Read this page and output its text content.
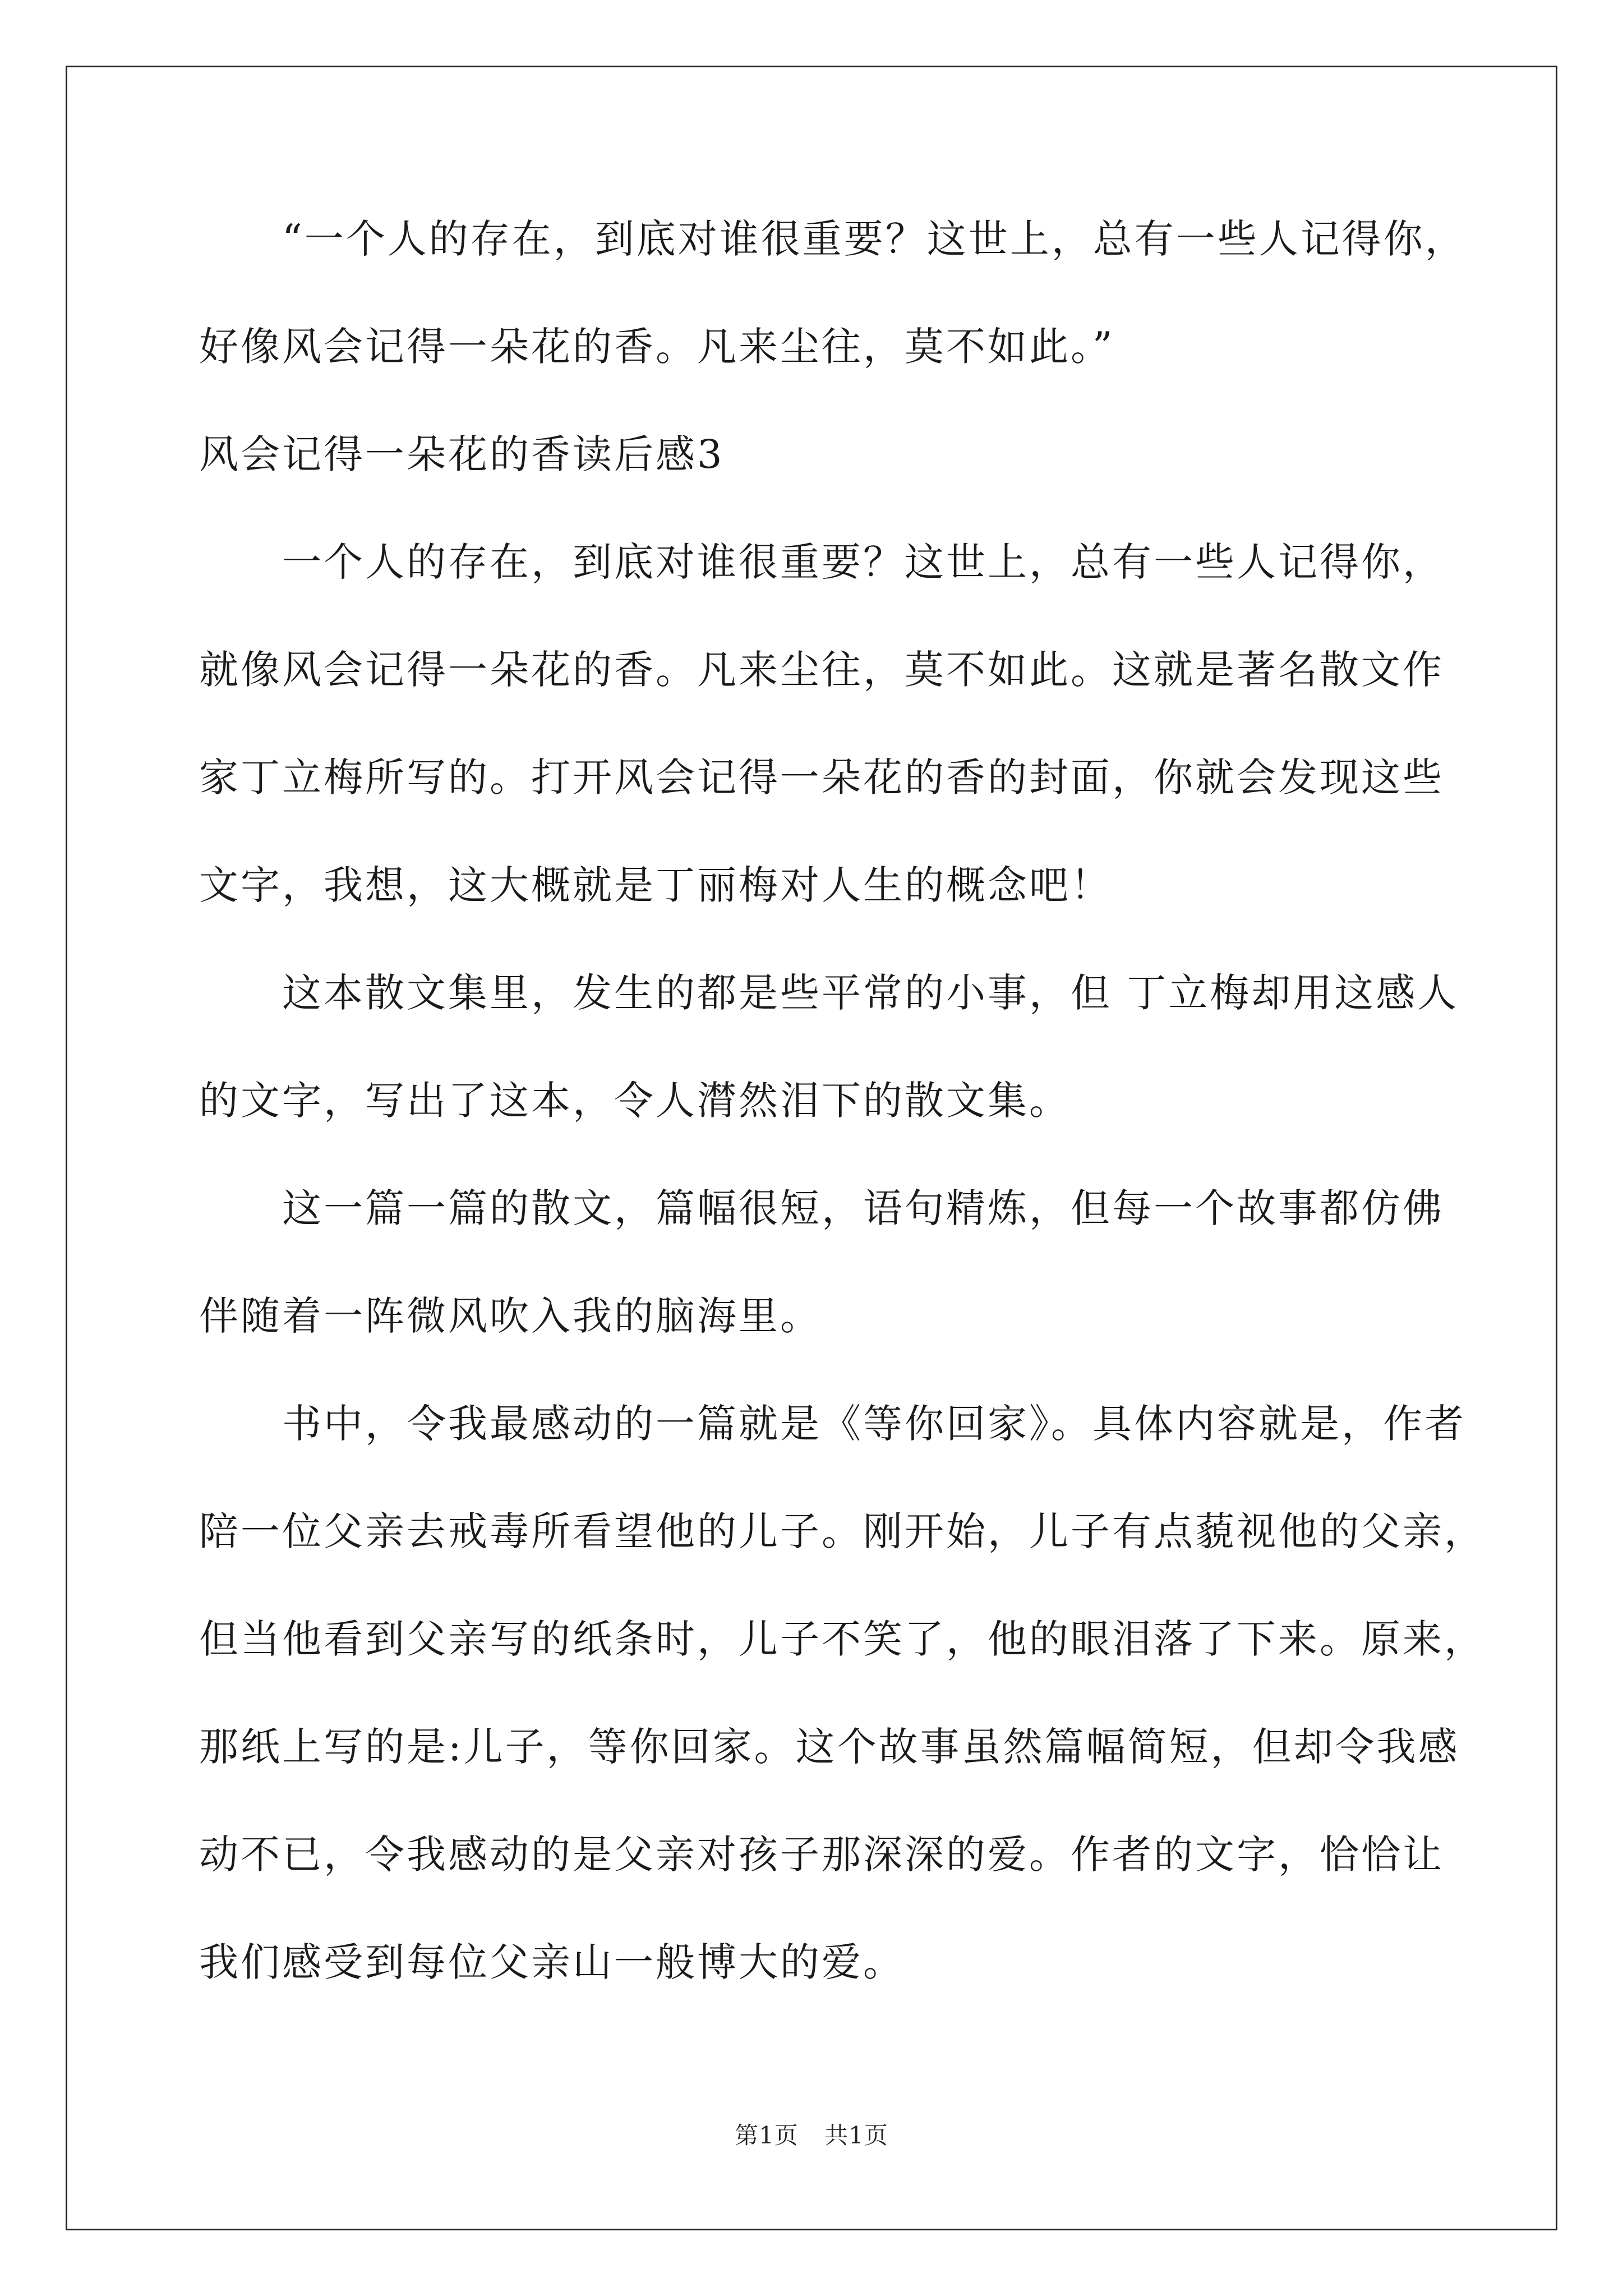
“一个人的存在，到底对谁很重要？这世上，总有一些人记得你，

好像风会记得一朵花的香。凡来尘往，莫不如此。”

风会记得一朵花的香读后感3

一个人的存在，到底对谁很重要？这世上，总有一些人记得你，

就像风会记得一朵花的香。凡来尘往，莫不如此。这就是著名散文作

家丁立梅所写的。打开风会记得一朵花的香的封面，你就会发现这些

文字，我想，这大概就是丁丽梅对人生的概念吧！

这本散文集里，发生的都是些平常的小事，但 丁立梅却用这感人

的文字，写出了这本，令人潸然泪下的散文集。

这一篇一篇的散文，篇幅很短，语句精炼，但每一个故事都仿佛

伴随着一阵微风吹入我的脑海里。

书中，令我最感动的一篇就是《等你回家》。具体内容就是，作者

陪一位父亲去戒毒所看望他的儿子。刚开始，儿子有点藐视他的父亲，

但当他看到父亲写的纸条时，儿子不笑了，他的眼泪落了下来。原来，

那纸上写的是:儿子，等你回家。这个故事虽然篇幅简短，但却令我感

动不已，令我感动的是父亲对孩子那深深的爱。作者的文字，恰恰让

我们感受到每位父亲山一般博大的爱。

第1页 共1页
